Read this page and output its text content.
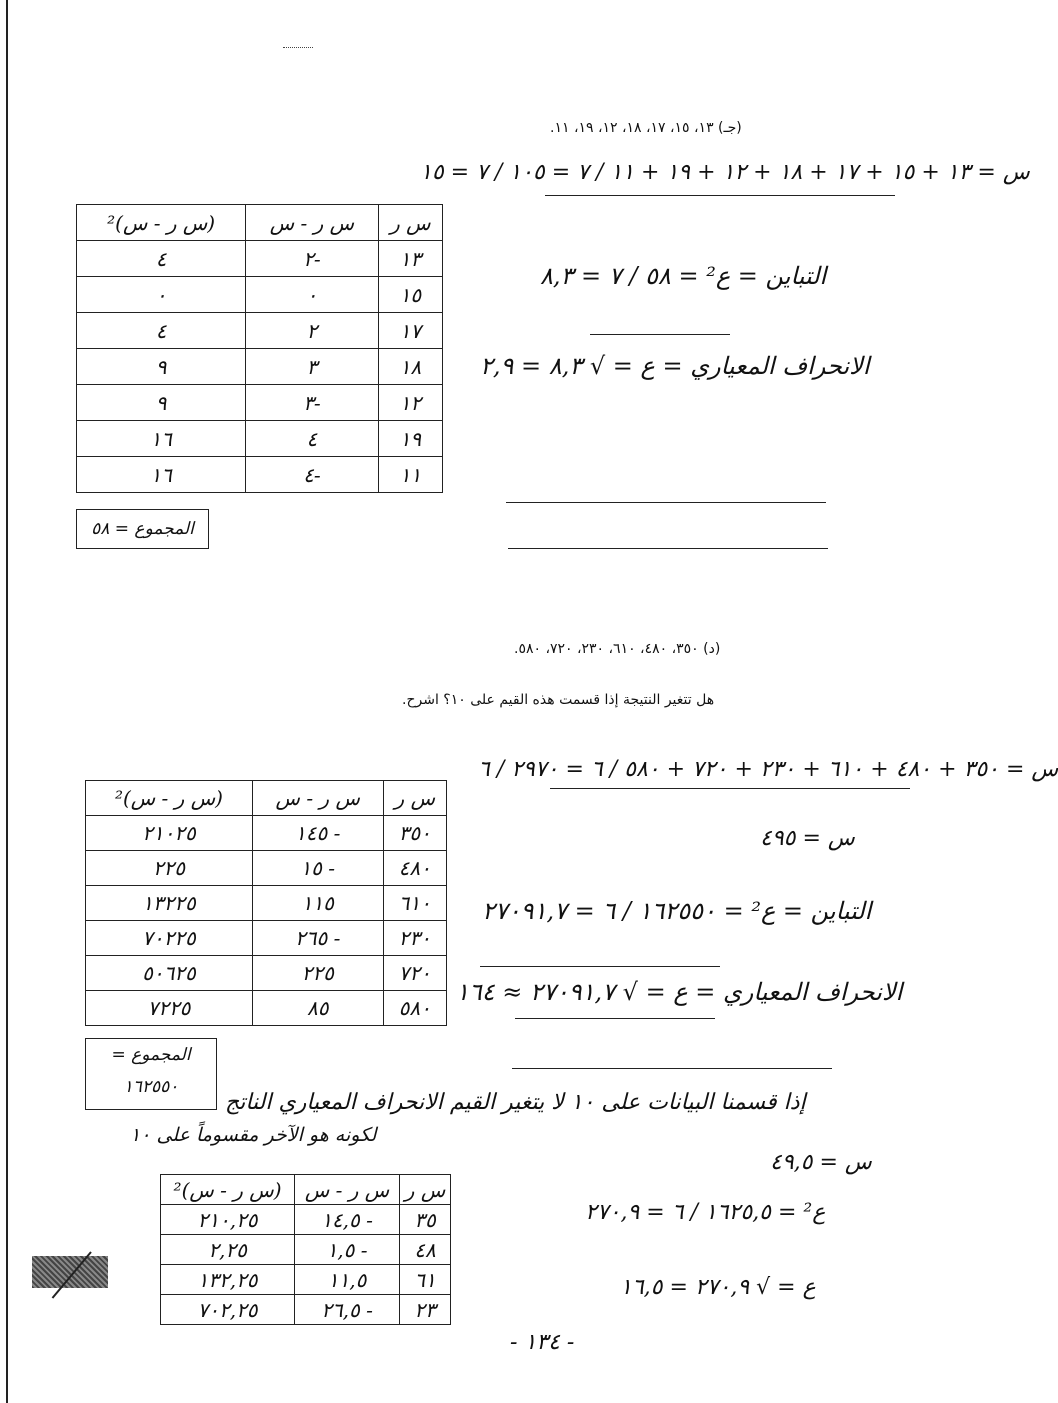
(جـ) ١٣، ١٥، ١٧، ١٨، ١٢، ١٩، ١١.
س = ١٣ + ١٥ + ١٧ + ١٨ + ١٢ + ١٩ + ١١ / ٧ = ١٠٥ / ٧ = ١٥
س ر	س ر - س	(س ر - س)²
١٣	-٢	٤
١٥	٠	٠
١٧	٢	٤
١٨	٣	٩
١٢	-٣	٩
١٩	٤	١٦
١١	-٤	١٦
المجموع = ٥٨
التباين = ع² = ٥٨ / ٧ = ٨,٣
الانحراف المعياري = ع = √ ٨,٣ = ٢,٩
(د) ٣٥٠، ٤٨٠، ٦١٠، ٢٣٠، ٧٢٠، ٥٨٠.
هل تتغير النتيجة إذا قسمت هذه القيم على ١٠؟ اشرح.
س = ٣٥٠ + ٤٨٠ + ٦١٠ + ٢٣٠ + ٧٢٠ + ٥٨٠ / ٦ = ٢٩٧٠ / ٦
س = ٤٩٥
س ر	س ر - س	(س ر - س)²
٣٥٠	- ١٤٥	٢١٠٢٥
٤٨٠	- ١٥	٢٢٥
٦١٠	١١٥	١٣٢٢٥
٢٣٠	- ٢٦٥	٧٠٢٢٥
٧٢٠	٢٢٥	٥٠٦٢٥
٥٨٠	٨٥	٧٢٢٥
المجموع =
١٦٢٥٥٠
التباين = ع² = ١٦٢٥٥٠ / ٦ = ٢٧٠٩١,٧
الانحراف المعياري = ع = √ ٢٧٠٩١,٧ ≈ ١٦٤
إذا قسمنا البيانات على ١٠ لا يتغير القيم الانحراف المعياري الناتج
لكونه هو الآخر مقسوماً على ١٠
س = ٤٩,٥
ع² = ١٦٢٥,٥ / ٦ = ٢٧٠,٩
ع = √ ٢٧٠,٩ = ١٦,٥
س ر	س ر - س	(س ر - س)²
٣٥	- ١٤,٥	٢١٠,٢٥
٤٨	- ١,٥	٢,٢٥
٦١	١١,٥	١٣٢,٢٥
٢٣	- ٢٦,٥	٧٠٢,٢٥
- ١٣٤ -
